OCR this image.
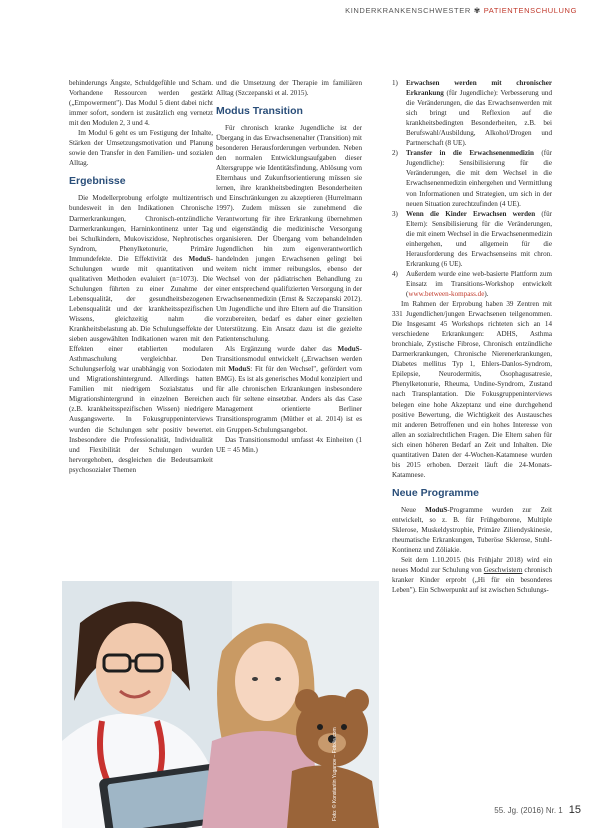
KINDERKRANKENSCHWESTER ✾ PATIENTENSCHULUNG

behinderungs Ängste, Schuldgefühle und Scham. Vorhandene Ressourcen werden gestärkt („Empowerment"). Das Modul 5 dient dabei nicht immer sofort, sondern ist zusätzlich eng vernetzt mit den Modulen 2, 3 und 4.

Im Modul 6 geht es um Festigung der Inhalte, Stärken der Umsetzungsmotivation und Planung sowie den Transfer in den Familien- und sozialen Alltag.

Ergebnisse

Die Modellerprobung erfolgte multizentrisch bundesweit in den Indikationen Chronische Darmerkrankungen, Chronisch-entzündliche Darmerkrankungen, Harninkontinenz unter Tag bei Schulkindern, Mukoviszidose, Nephrotisches Syndrom, Phenylketonurie, Primäre Immundefekte. Die Effektivität des ModuS-Schulungen wurde mit quantitativen und qualitativen Methoden evaluiert (n=1073). Die Schulungen führten zu einer Zunahme der Lebensqualität, der gesundheitsbezogenen Lebensqualität und der krankheitsspezifischen Wissens, gleichzeitig nahm die Krankheitsbelastung ab. Die Schulungseffekte der sieben ausgewählten Indikationen waren mit den Effekten einer etablierten modularen Asthmaschulung vergleichbar. Den Schulungserfolg war unabhängig von Soziodaten und Migrationshintergrund. Allerdings hatten Familien mit niedrigem Sozialstatus und Migrationshintergrund in einzelnen Bereichen (z.B. krankheitsspezifischen Wissen) niedrigere Ausgangswerte. In Fokusgruppeninterviews wurden die Schulungen sehr positiv bewertet. Insbesondere die Professionalität, Individualität und Flexibilität der Schulungen wurden hervorgehoben, desgleichen die Bedeutsamkeit psychosozialer Themen

und die Umsetzung der Therapie im familiären Alltag (Szczepanski et al. 2015).

Modus Transition

Für chronisch kranke Jugendliche ist der Übergang in das Erwachsenenalter (Transition) mit besonderen Herausforderungen verbunden. Neben den normalen Entwicklungsaufgaben dieser Altersgruppe wie Identitätsfindung, Ablösung vom Elternhaus und Zukunftsorientierung müssen sie lernen, ihre krankheitsbedingten Besonderheiten und Einschränkungen zu akzeptieren (Hurrelmann 1997). Zudem müssen sie zunehmend die Verantwortung für ihre Erkrankung übernehmen und eigenständig die medizinische Versorgung organisieren. Der Übergang vom behandelnden Jugendlichen hin zum eigenverantwortlich handelnden jungen Erwachsenen gelingt bei weitem nicht immer reibungslos, ebenso der Wechsel von der pädiatrischen Behandlung zu einer entsprechend qualifizierten Versorgung in der Erwachsenenmedizin (Ernst & Szczepanski 2012). Um Jugendliche und ihre Eltern auf die Transition vorzubereiten, bedarf es daher einer gezielten Unterstützung. Ein Ansatz dazu ist die gezielte Patientenschulung.

Als Ergänzung wurde daher das ModuS-Transitionsmodul entwickelt („Erwachsen werden mit ModuS: Fit für den Wechsel", gefördert vom BMG). Es ist als generisches Modul konzipiert und für alle chronischen Erkrankungen insbesondere auch für seltene einsetzbar. Anders als das Case Management orientierte Berliner Transitionsprogramm (Müther et al. 2014) ist es ein Gruppen-Schulungsangebot.

Das Transitionsmodul umfasst 4x Einheiten (1 UE = 45 Min.)

1) Erwachsen werden mit chronischer Erkrankung (für Jugendliche): Verbesserung und die Veränderungen, die das Erwachsenwerden mit sich bringt und Reflexion auf die krankheitsbedingten Besonderheiten, z.B. bei Berufswahl/Ausbildung, Alkohol/Drogen und Partnerschaft (8 UE).
2) Transfer in die Erwachsenenmedizin (für Jugendliche): Sensibilisierung für die Veränderungen, die mit dem Wechsel in die Erwachsenenmedizin einhergehen und Vermittlung von Informationen und Strategien, um sich in der neuen Situation zurechtzufinden (4 UE).
3) Wenn die Kinder Erwachsen werden (für Eltern): Sensibilisierung für die Veränderungen, die mit einem Wechsel in die Erwachsenenmedizin einhergehen, und allgemein für die Herausforderung des Erwachsenseins mit chron. Erkrankung (6 UE).
4) Außerdem wurde eine web-basierte Plattform zum Einsatz im Transitions-Workshop entwickelt (www.between-kompass.de).

Im Rahmen der Erprobung haben 39 Zentren mit 331 Jugendlichen/jungen Erwachsenen teilgenommen. Die Insgesamt 45 Workshops richteten sich an 14 verschiedene Erkrankungen: ADHS, Asthma bronchiale, Zystische Fibrose, Chronisch entzündliche Darmerkrankungen, Chronische Nierenerkrankungen, Diabetes mellitus Typ 1, Ehlers-Danlos-Syndrom, Epilepsie, Neurodermitis, Ösophagusatresie, Phenylketonurie, Rheuma, Undine-Syndrom, Zustand nach Transplantation. Die Fokusgruppeninterviews belegen eine hohe Akzeptanz und eine durchgehend positive Bewertung, die Wichtigkeit des Austausches mit anderen Betroffenen und ein hohes Interesse von allen an sozialrechtlichen Fragen. Die Eltern sahen für sich einen höheren Bedarf an Zeit und Inhalten. Die quantitativen Daten der 4-Wochen-Katamnese wurden bis 2015 erhoben. Derzeit läuft die 24-Monats-Katamnese.

Neue Programme

Neue ModuS-Programme wurden zur Zeit entwickelt, so z. B. für Frühgeborene, Multiple Sklerose, Muskeldystrophie, Primäre Ziliendyskinesie, rheumatische Erkrankungen, Tuberöse Sklerose, Stuhl-Kontinenz und Zöliakie.

Seit dem 1.10.2015 (bis Frühjahr 2018) wird ein neues Modul zur Schulung von Geschwistern chronisch kranker Kinder erprobt („Hi für ein besonderes Leben"). Ein Schwerpunkt auf ist zwischen Schulungs-

Foto: © Konstantin Yuganov – Fotolia.com	55. Jg. (2016) Nr. 1 15
